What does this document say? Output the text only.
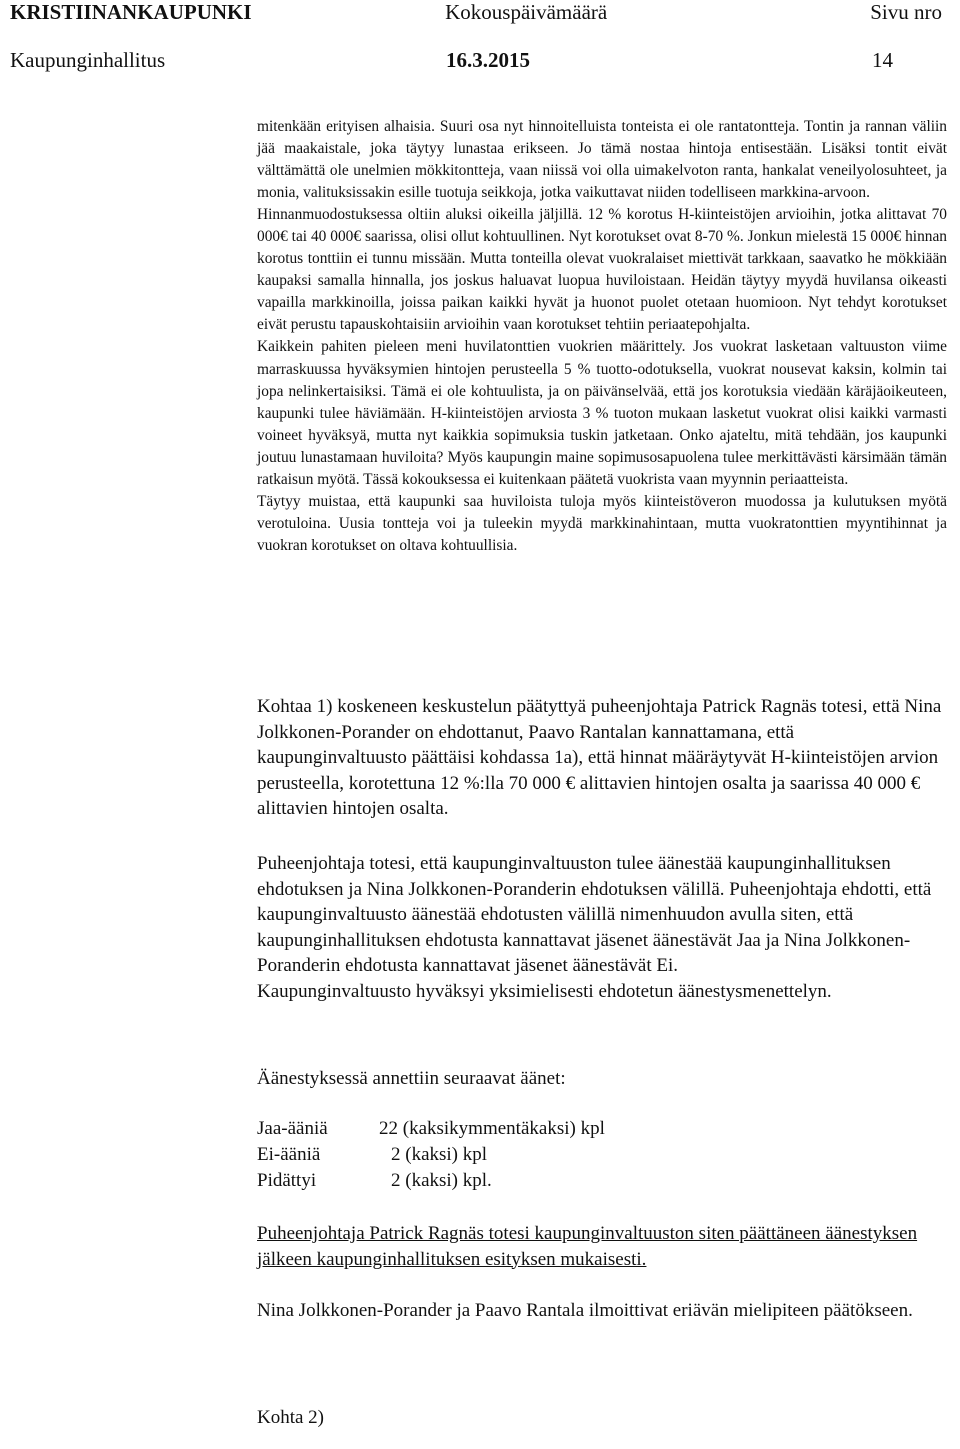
KRISTIINANKAUPUNKI	Kokouspäivämäärä	Sivu nro
Kaupunginhallitus	16.3.2015	14

mitenkään erityisen alhaisia. Suuri osa nyt hinnoitelluista tonteista ei ole rantatontteja. Tontin ja rannan väliin jää maakaistale, joka täytyy lunastaa erikseen. Jo tämä nostaa hintoja entisestään. Lisäksi tontit eivät välttämättä ole unelmien mökkitontteja, vaan niissä voi olla uimakelvoton ranta, hankalat veneilyolosuhteet, ja monia, valituksissakin esille tuotuja seikkoja, jotka vaikuttavat niiden todelliseen markkina-arvoon.

Hinnanmuodostuksessa oltiin aluksi oikeilla jäljillä. 12 % korotus H-kiinteistöjen arvioihin, jotka alittavat 70 000€ tai 40 000€ saarissa, olisi ollut kohtuullinen. Nyt korotukset ovat 8-70 %. Jonkun mielestä 15 000€ hinnan korotus tonttiin ei tunnu missään. Mutta tonteilla olevat vuokralaiset miettivät tarkkaan, saavatko he mökkiään kaupaksi samalla hinnalla, jos joskus haluavat luopua huviloistaan. Heidän täytyy myydä huvilansa oikeasti vapailla markkinoilla, joissa paikan kaikki hyvät ja huonot puolet otetaan huomioon. Nyt tehdyt korotukset eivät perustu tapauskohtaisiin arvioihin vaan korotukset tehtiin periaatepohjalta.

Kaikkein pahiten pieleen meni huvilatonttien vuokrien määrittely. Jos vuokrat lasketaan valtuuston viime marraskuussa hyväksymien hintojen perusteella 5 % tuotto-odotuksella, vuokrat nousevat kaksin, kolmin tai jopa nelinkertaisiksi. Tämä ei ole kohtuulista, ja on päivänselvää, että jos korotuksia viedään käräjäoikeuteen, kaupunki tulee häviämään. H-kiinteistöjen arviosta 3 % tuoton mukaan lasketut vuokrat olisi kaikki varmasti voineet hyväksyä, mutta nyt kaikkia sopimuksia tuskin jatketaan. Onko ajateltu, mitä tehdään, jos kaupunki joutuu lunastamaan huviloita? Myös kaupungin maine sopimusosapuolena tulee merkittävästi kärsimään tämän ratkaisun myötä. Tässä kokouksessa ei kuitenkaan päätetä vuokrista vaan myynnin periaatteista.

Täytyy muistaa, että kaupunki saa huviloista tuloja myös kiinteistöveron muodossa ja kulutuksen myötä verotuloina. Uusia tontteja voi ja tuleekin myydä markkinahintaan, mutta vuokratonttien myyntihinnat ja vuokran korotukset on oltava kohtuullisia.

Kohtaa 1) koskeneen keskustelun päätyttyä puheenjohtaja Patrick Ragnäs totesi, että Nina Jolkkonen-Porander on ehdottanut, Paavo Rantalan kannattamana, että kaupunginvaltuusto päättäisi kohdassa 1a), että hinnat määräytyvät H-kiinteistöjen arvion perusteella, korotettuna 12 %:lla 70 000 € alittavien hintojen osalta ja saarissa 40 000 € alittavien hintojen osalta.

Puheenjohtaja totesi, että kaupunginvaltuuston tulee äänestää kaupunginhallituksen ehdotuksen ja Nina Jolkkonen-Poranderin ehdotuksen välillä. Puheenjohtaja ehdotti, että kaupunginvaltuusto äänestää ehdotusten välillä nimenhuudon avulla siten, että kaupunginhallituksen ehdotusta kannattavat jäsenet äänestävät Jaa ja Nina Jolkkonen-Poranderin ehdotusta kannattavat jäsenet äänestävät Ei.

Kaupunginvaltuusto hyväksyi yksimielisesti ehdotetun äänestysmenettelyn.

Äänestyksessä annettiin seuraavat äänet:

Jaa-ääniä	22 (kaksikymmentäkaksi) kpl
Ei-ääniä	2 (kaksi) kpl
Pidättyi	2 (kaksi) kpl.

Puheenjohtaja Patrick Ragnäs totesi kaupunginvaltuuston siten päättäneen äänestyksen jälkeen kaupunginhallituksen esityksen mukaisesti.

Nina Jolkkonen-Porander ja Paavo Rantala ilmoittivat eriävän mielipiteen päätökseen.

Kohta 2)
